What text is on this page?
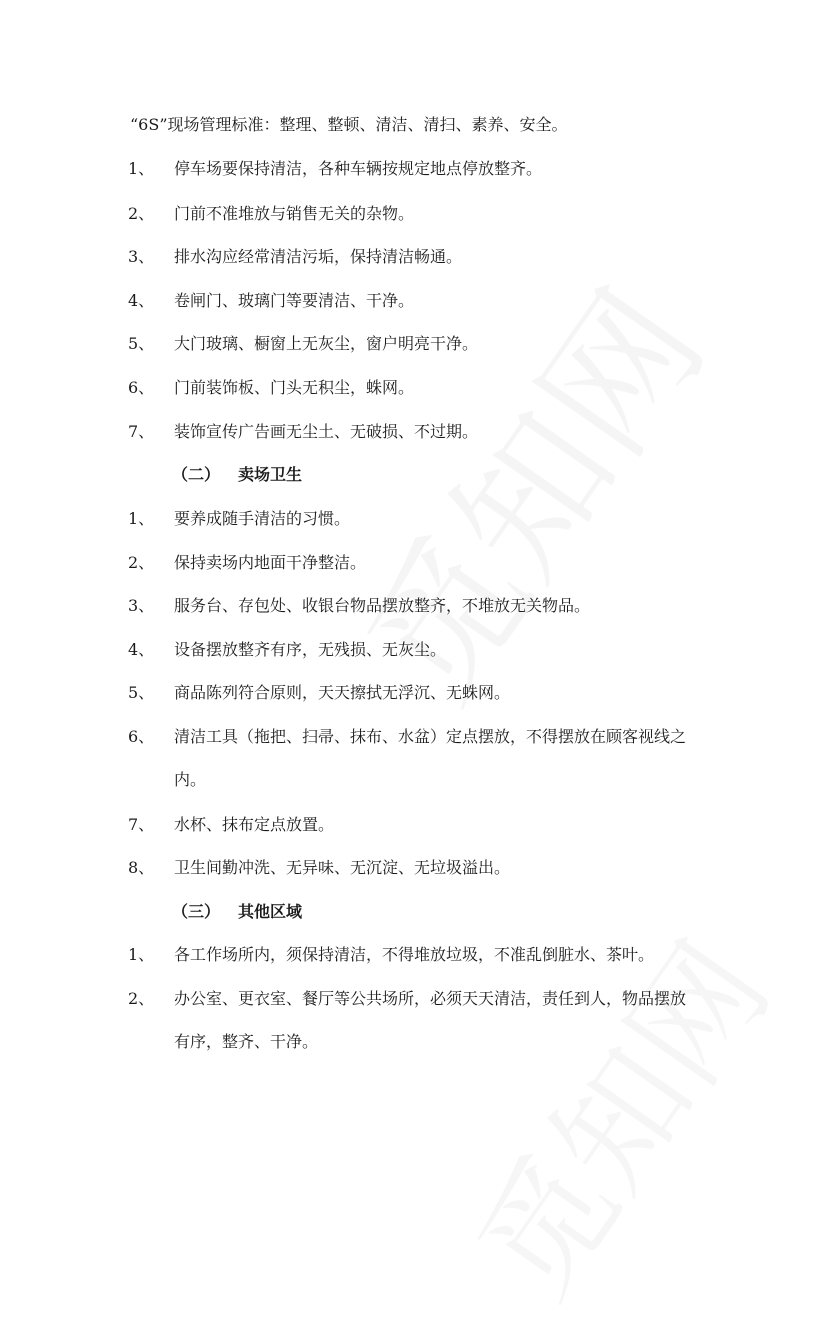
“6S”现场管理标准：整理、整顿、清洁、清扫、素养、安全。
1、	停车场要保持清洁，各种车辆按规定地点停放整齐。
2、	门前不准堆放与销售无关的杂物。
3、	排水沟应经常清洁污垢，保持清洁畅通。
4、	卷闸门、玻璃门等要清洁、干净。
5、	大门玻璃、橱窗上无灰尘，窗户明亮干净。
6、	门前装饰板、门头无积尘，蛛网。
7、	装饰宣传广告画无尘土、无破损、不过期。
（二） 卖场卫生
1、	要养成随手清洁的习惯。
2、	保持卖场内地面干净整洁。
3、	服务台、存包处、收银台物品摆放整齐，不堆放无关物品。
4、	设备摆放整齐有序，无残损、无灰尘。
5、	商品陈列符合原则，天天擦拭无浮沉、无蛛网。
6、	清洁工具（拖把、扫帚、抹布、水盆）定点摆放，不得摆放在顾客视线之
内。
7、	水杯、抹布定点放置。
8、	卫生间勤冲洗、无异味、无沉淀、无垃圾溢出。
（三） 其他区域
1、	各工作场所内，须保持清洁，不得堆放垃圾，不准乱倒脏水、茶叶。
2、	办公室、更衣室、餐厅等公共场所，必须天天清洁，责任到人，物品摆放
有序，整齐、干净。
